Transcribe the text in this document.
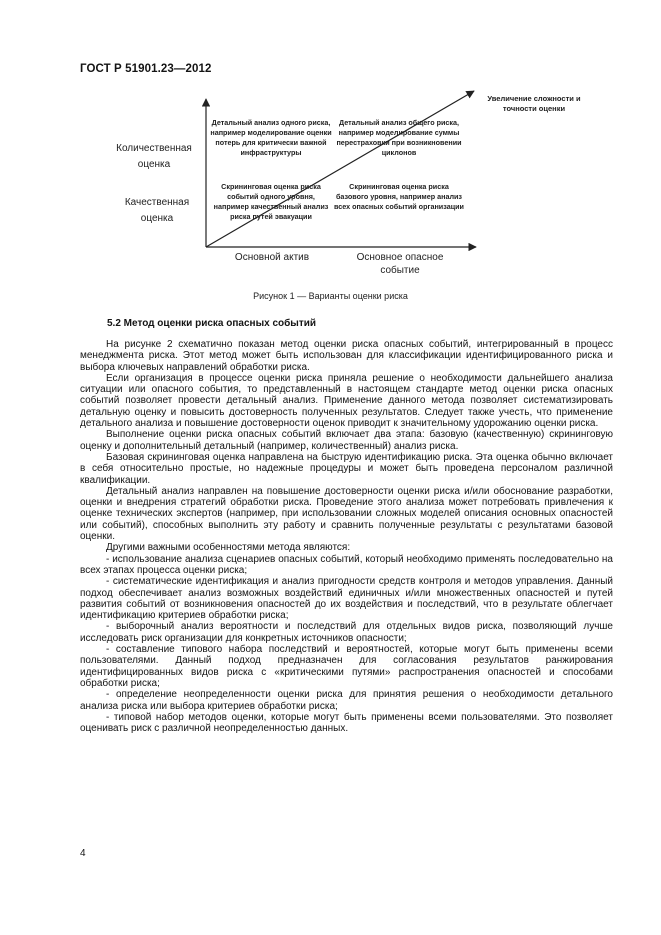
ГОСТ Р 51901.23—2012
Увеличение сложности и точности оценки
Количественная оценка
Качественная оценка
Детальный анализ одного риска, например моделирование оценки потерь для критически важной инфраструктуры
Детальный анализ общего риска, например моделирование суммы перестраховки при возникновении циклонов
Скрининговая оценка риска событий одного уровня, например качественный анализ риска путей эвакуации
Скрининговая оценка риска базового уровня, например анализ всех опасных событий организации
Основной актив	Основное опасное событие
Рисунок 1 — Варианты оценки риска
5.2 Метод оценки риска опасных событий

На рисунке 2 схематично показан метод оценки риска опасных событий, интегрированный в процесс менеджмента риска. Этот метод может быть использован для классификации идентифицированного риска и выбора ключевых направлений обработки риска.

Если организация в процессе оценки риска приняла решение о необходимости дальнейшего анализа ситуации или опасного события, то представленный в настоящем стандарте метод оценки риска опасных событий позволяет провести детальный анализ. Применение данного метода позволяет систематизировать детальную оценку и повысить достоверность полученных результатов. Следует также учесть, что применение детального анализа и повышение достоверности оценок приводит к значительному удорожанию оценки риска.

Выполнение оценки риска опасных событий включает два этапа: базовую (качественную) скрининговую оценку и дополнительный детальный (например, количественный) анализ риска.

Базовая скрининговая оценка направлена на быструю идентификацию риска. Эта оценка обычно включает в себя относительно простые, но надежные процедуры и может быть проведена персоналом различной квалификации.

Детальный анализ направлен на повышение достоверности оценки риска и/или обоснование разработки, оценки и внедрения стратегий обработки риска. Проведение этого анализа может потребовать привлечения к оценке технических экспертов (например, при использовании сложных моделей описания основных опасностей или событий), способных выполнить эту работу и сравнить полученные результаты с результатами базовой оценки.

Другими важными особенностями метода являются:

- использование анализа сценариев опасных событий, который необходимо применять последовательно на всех этапах процесса оценки риска;

- систематические идентификация и анализ пригодности средств контроля и методов управления. Данный подход обеспечивает анализ возможных воздействий единичных и/или множественных опасностей и путей развития событий от возникновения опасностей до их воздействия и последствий, что в результате облегчает идентификацию критериев обработки риска;

- выборочный анализ вероятности и последствий для отдельных видов риска, позволяющий лучше исследовать риск организации для конкретных источников опасности;

- составление типового набора последствий и вероятностей, которые могут быть применены всеми пользователями. Данный подход предназначен для согласования результатов ранжирования идентифицированных видов риска с «критическими путями» распространения опасностей и способами обработки риска;

- определение неопределенности оценки риска для принятия решения о необходимости детального анализа риска или выбора критериев обработки риска;

- типовой набор методов оценки, которые могут быть применены всеми пользователями. Это позволяет оценивать риск с различной неопределенностью данных.

4
